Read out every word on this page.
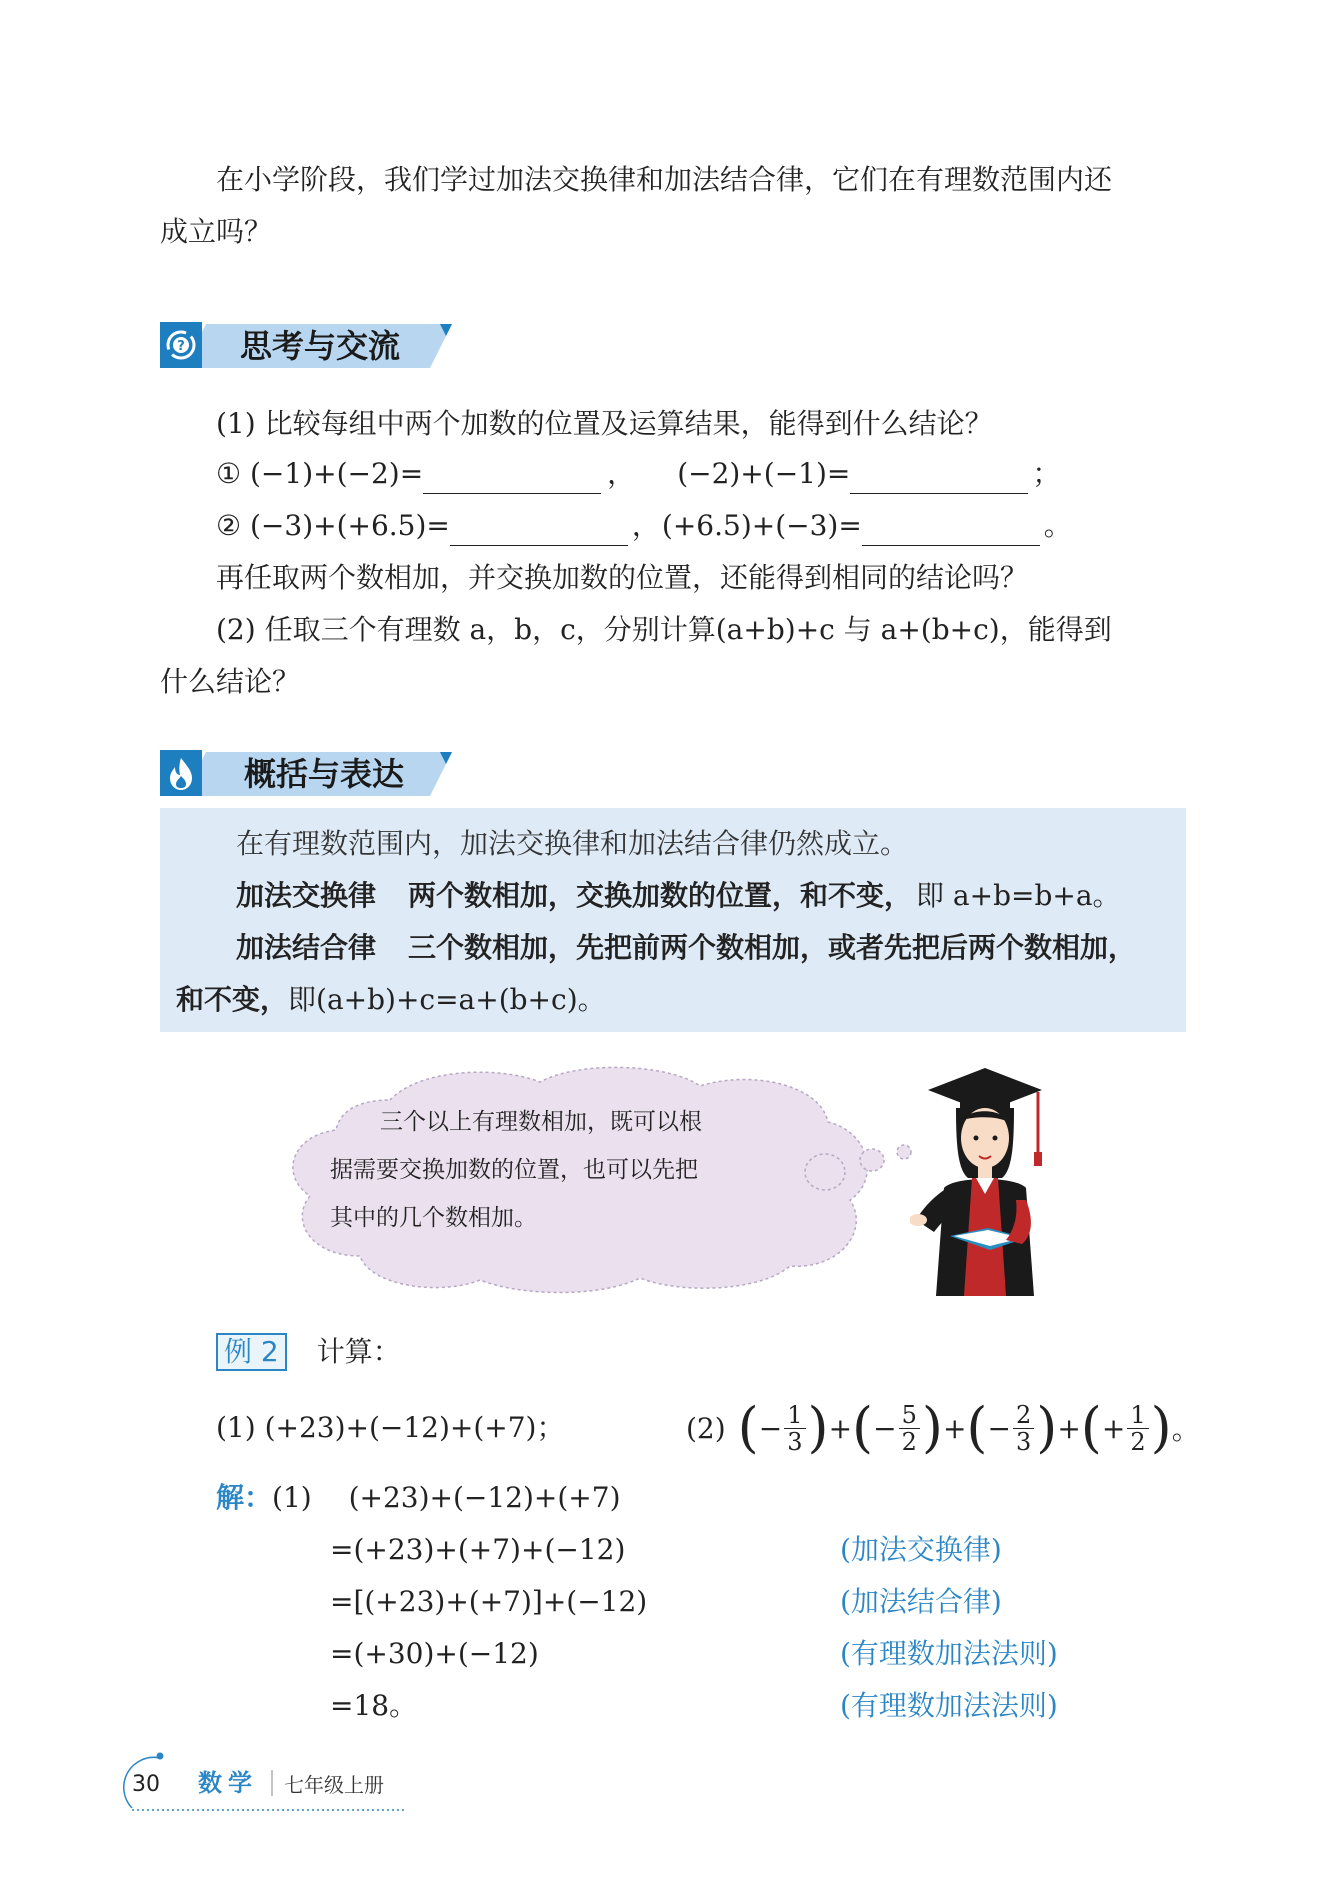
在小学阶段，我们学过加法交换律和加法结合律，它们在有理数范围内还
成立吗？
? 思考与交流
(1) 比较每组中两个加数的位置及运算结果，能得到什么结论？
① (−1)+(−2)=	， (−2)+(−1)=	；
② (−3)+(+6.5)=	， (+6.5)+(−3)=	。
再任取两个数相加，并交换加数的位置，还能得到相同的结论吗？
(2) 任取三个有理数 a，b，c，分别计算(a+b)+c 与 a+(b+c)，能得到
什么结论？
概括与表达
在有理数范围内，加法交换律和加法结合律仍然成立。
加法交换律 两个数相加，交换加数的位置，和不变， 即 a+b=b+a。
加法结合律 三个数相加，先把前两个数相加，或者先把后两个数相加，
和不变， 即(a+b)+c=a+(b+c)。
三个以上有理数相加，既可以根
据需要交换加数的位置，也可以先把
其中的几个数相加。
例 2 计算：
(1) (+23)+(−12)+(+7)；	(2) ( − $\frac{1}{3}$ ) + ( − $\frac{5}{2}$ ) + ( − $\frac{2}{3}$ ) + ( + $\frac{1}{2}$ ) 。
解： (1)　 (+23)+(−12)+(+7)
=(+23)+(+7)+(−12)	(加法交换律)
=[(+23)+(+7)]+(−12)	(加法结合律)
=(+30)+(−12)	(有理数加法法则)
=18。	(有理数加法法则)
30 数学 七年级上册
